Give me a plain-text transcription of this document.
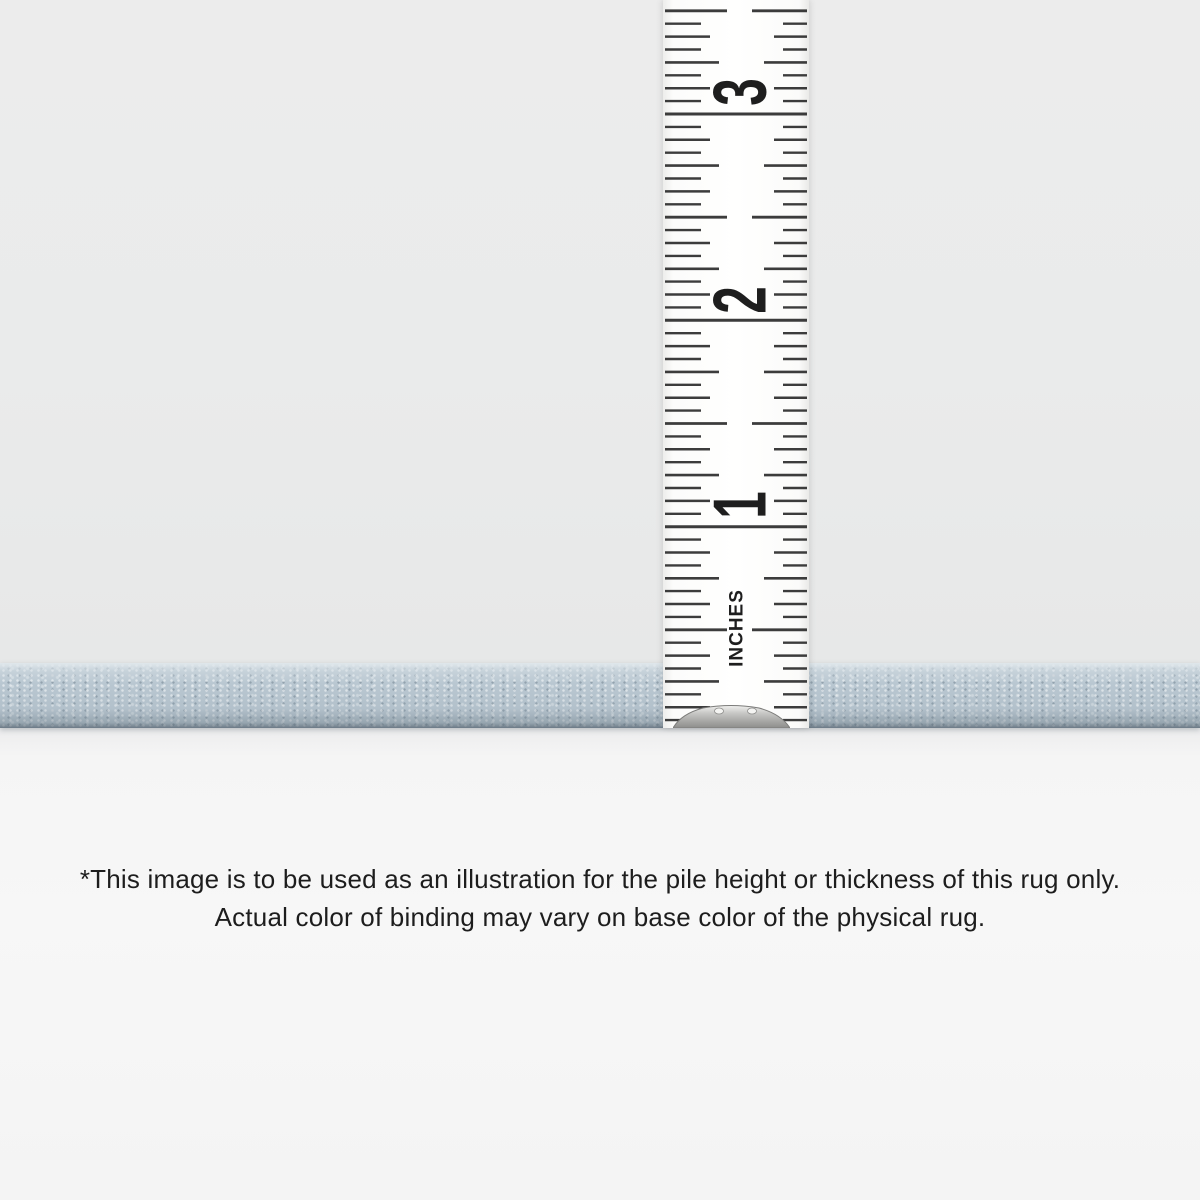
3
2
1
INCHES
*This image is to be used as an illustration for the pile height or thickness of this rug only.
Actual color of binding may vary on base color of the physical rug.
